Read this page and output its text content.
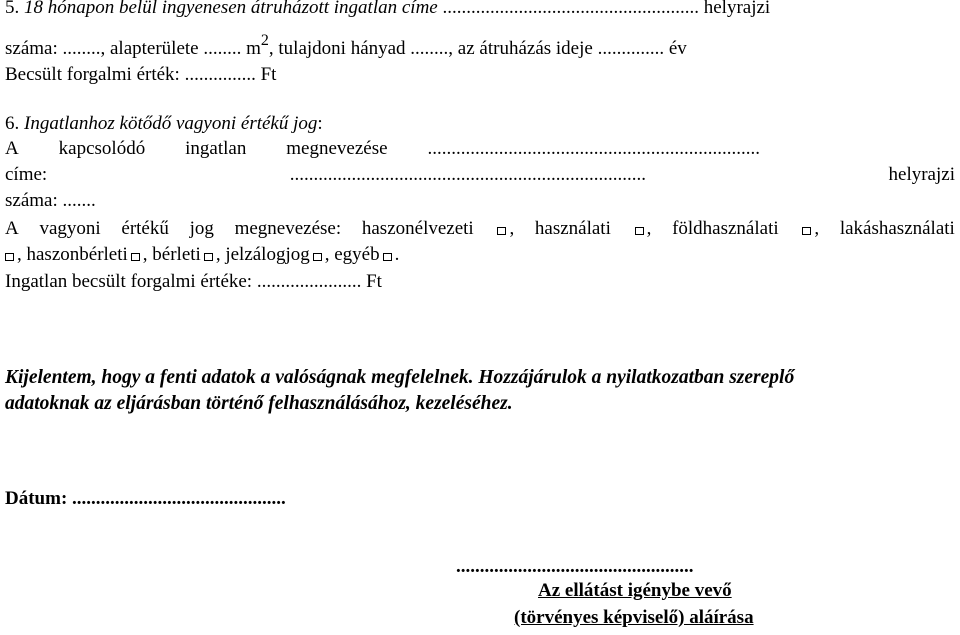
5. 18 hónapon belül ingyenesen átruházott ingatlan címe ...................................................... helyrajzi
száma: ........, alapterülete ........ $m^2$, tulajdoni hányad ........, az átruházás ideje .............. év
Becsült forgalmi érték: ............... Ft
6. Ingatlanhoz kötődő vagyoni értékű jog:
A kapcsolódó ingatlan megnevezése ......................................................................
címe:	...........................................................................	helyrajzi
száma: .......
A vagyoni értékű jog megnevezése: haszonélvezeti	, használati	, földhasználati	, lakáshasználati
, haszonbérleti , bérleti , jelzálogjog , egyéb .
Ingatlan becsült forgalmi értéke: ...................... Ft
Kijelentem, hogy a fenti adatok a valóságnak megfelelnek. Hozzájárulok a nyilatkozatban szereplő
adatoknak az eljárásban történő felhasználásához, kezeléséhez.
Dátum: .............................................
..................................................
Az ellátást igénybe vevő
(törvényes képviselő) aláírása
